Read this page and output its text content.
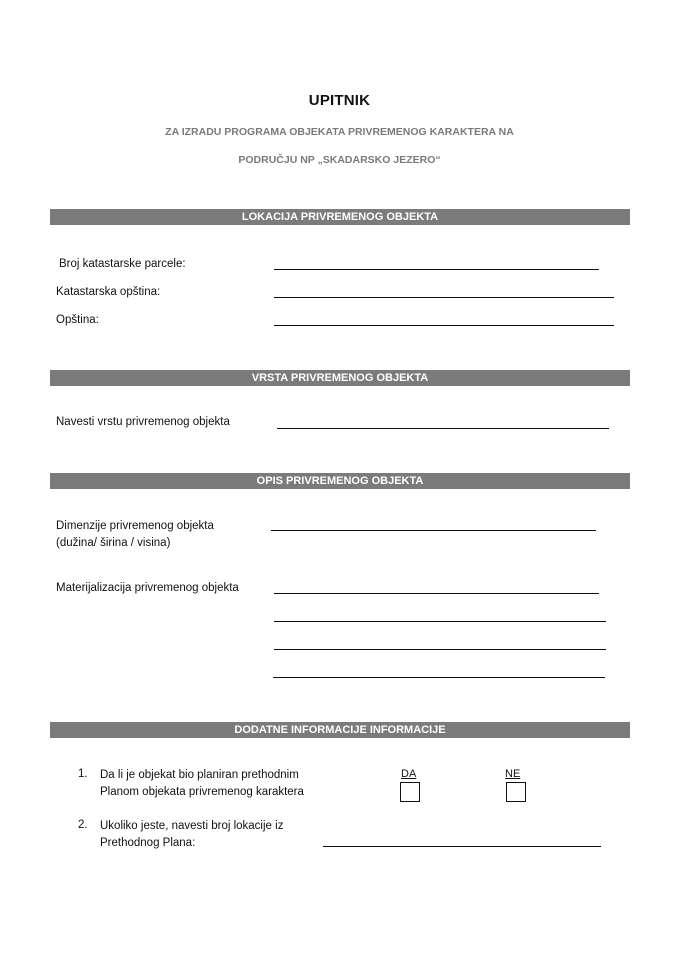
UPITNIK
ZA IZRADU PROGRAMA OBJEKATA PRIVREMENOG KARAKTERA NA
PODRUČJU NP „SKADARSKO JEZERO“
LOKACIJA PRIVREMENOG OBJEKTA
Broj katastarske parcele:
Katastarska opština:
Opština:
VRSTA PRIVREMENOG OBJEKTA
Navesti vrstu privremenog objekta
OPIS PRIVREMENOG OBJEKTA
Dimenzije privremenog objekta
(dužina/ širina / visina)
Materijalizacija privremenog objekta
DODATNE INFORMACIJE INFORMACIJE
1. Da li je objekat bio planiran prethodnim
Planom objekata privremenog karaktera
DA	NE
2. Ukoliko jeste, navesti broj lokacije iz
Prethodnog Plana:
